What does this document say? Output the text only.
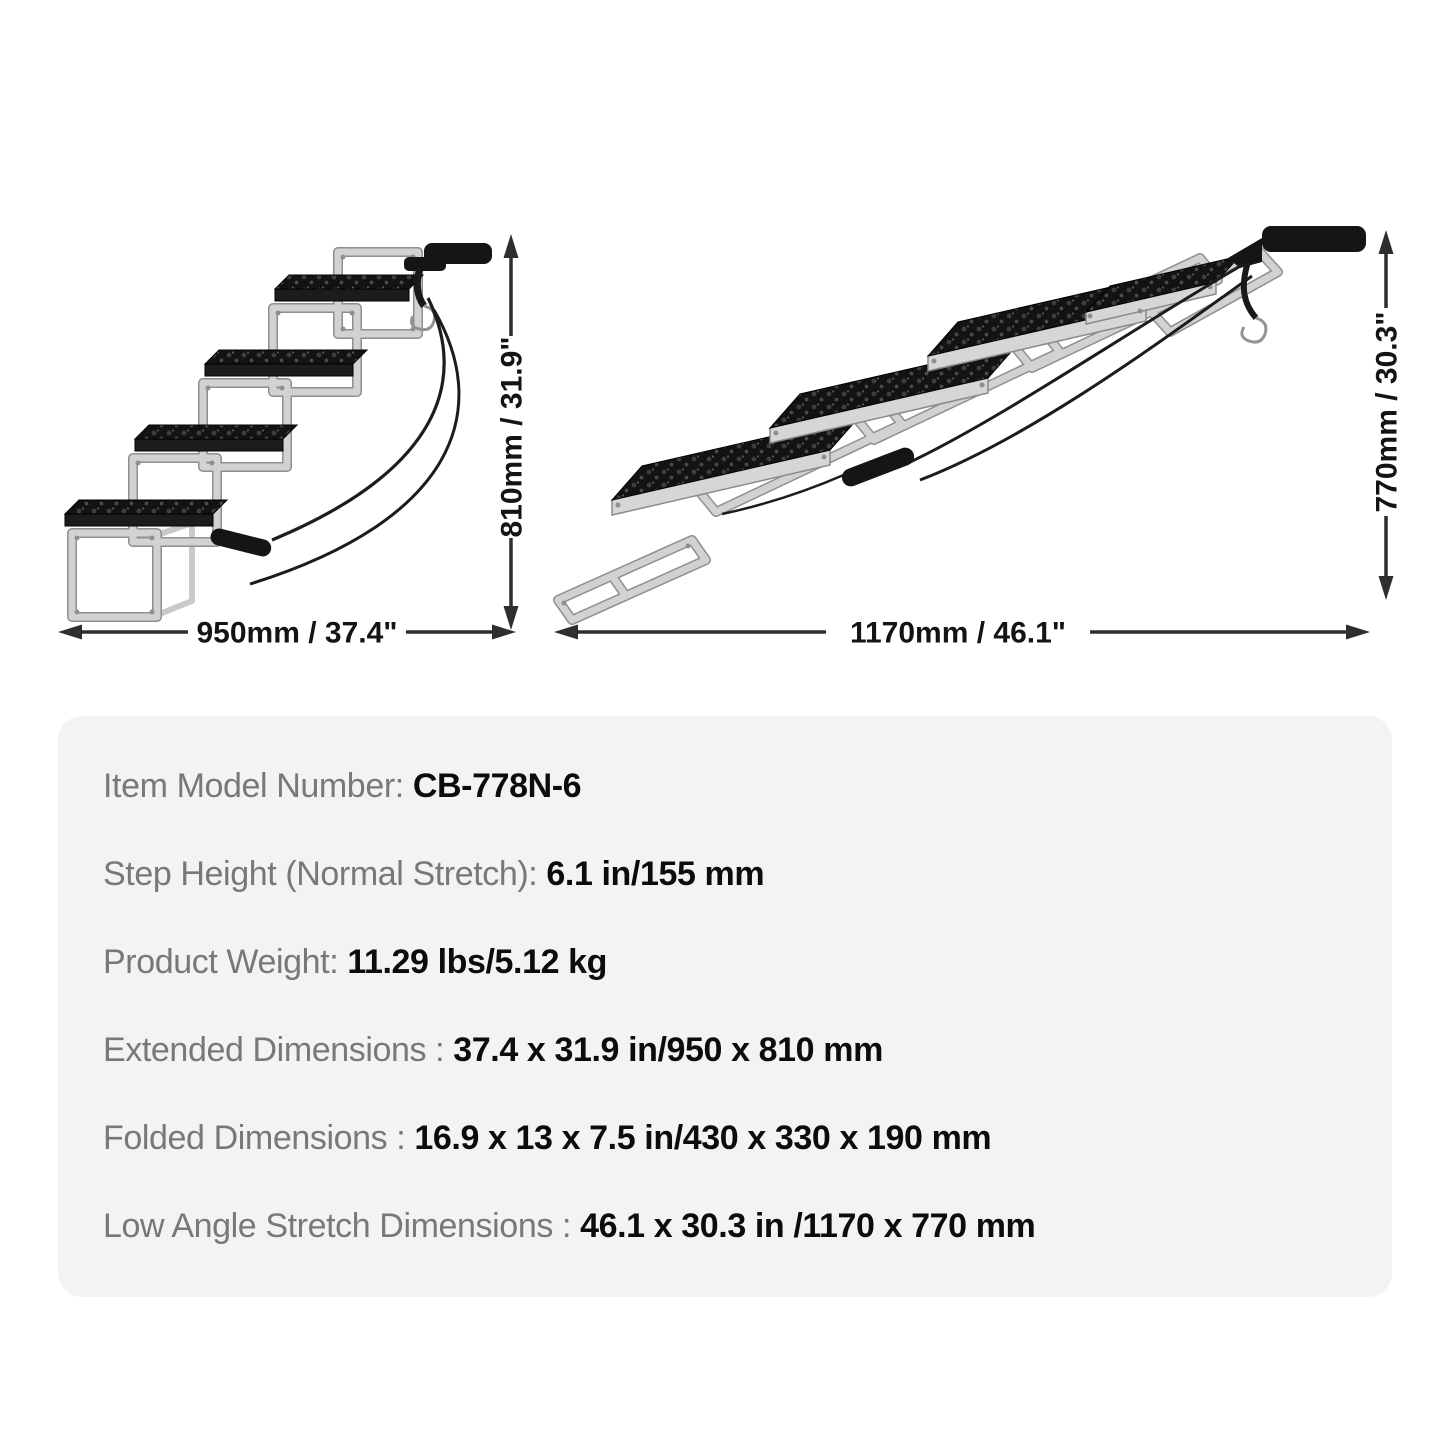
950mm / 37.4"
810mm / 31.9"
1170mm / 46.1"
770mm / 30.3"
Item Model Number: CB-778N-6
Step Height (Normal Stretch): 6.1 in/155 mm
Product Weight: 11.29 lbs/5.12 kg
Extended Dimensions : 37.4 x 31.9 in/950 x 810 mm
Folded Dimensions : 16.9 x 13 x 7.5 in/430 x 330 x 190 mm
Low Angle Stretch Dimensions : 46.1 x 30.3 in /1170 x 770 mm
